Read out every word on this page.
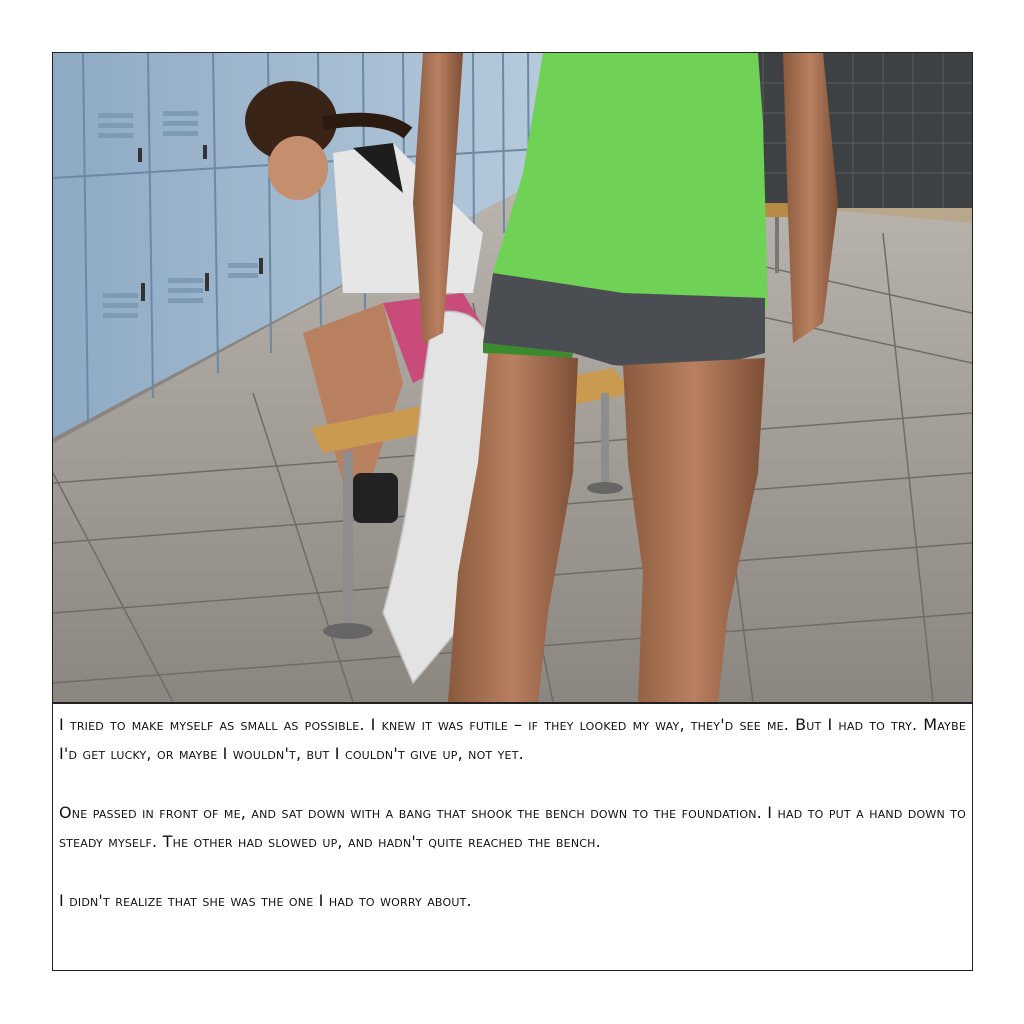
I tried to make myself as small as possible. I knew it was futile – if they looked my way, they'd see me. But I had to try. Maybe I'd get lucky, or maybe I wouldn't, but I couldn't give up, not yet.

One passed in front of me, and sat down with a bang that shook the bench down to the foundation. I had to put a hand down to steady myself. The other had slowed up, and hadn't quite reached the bench.

I didn't realize that she was the one I had to worry about.
